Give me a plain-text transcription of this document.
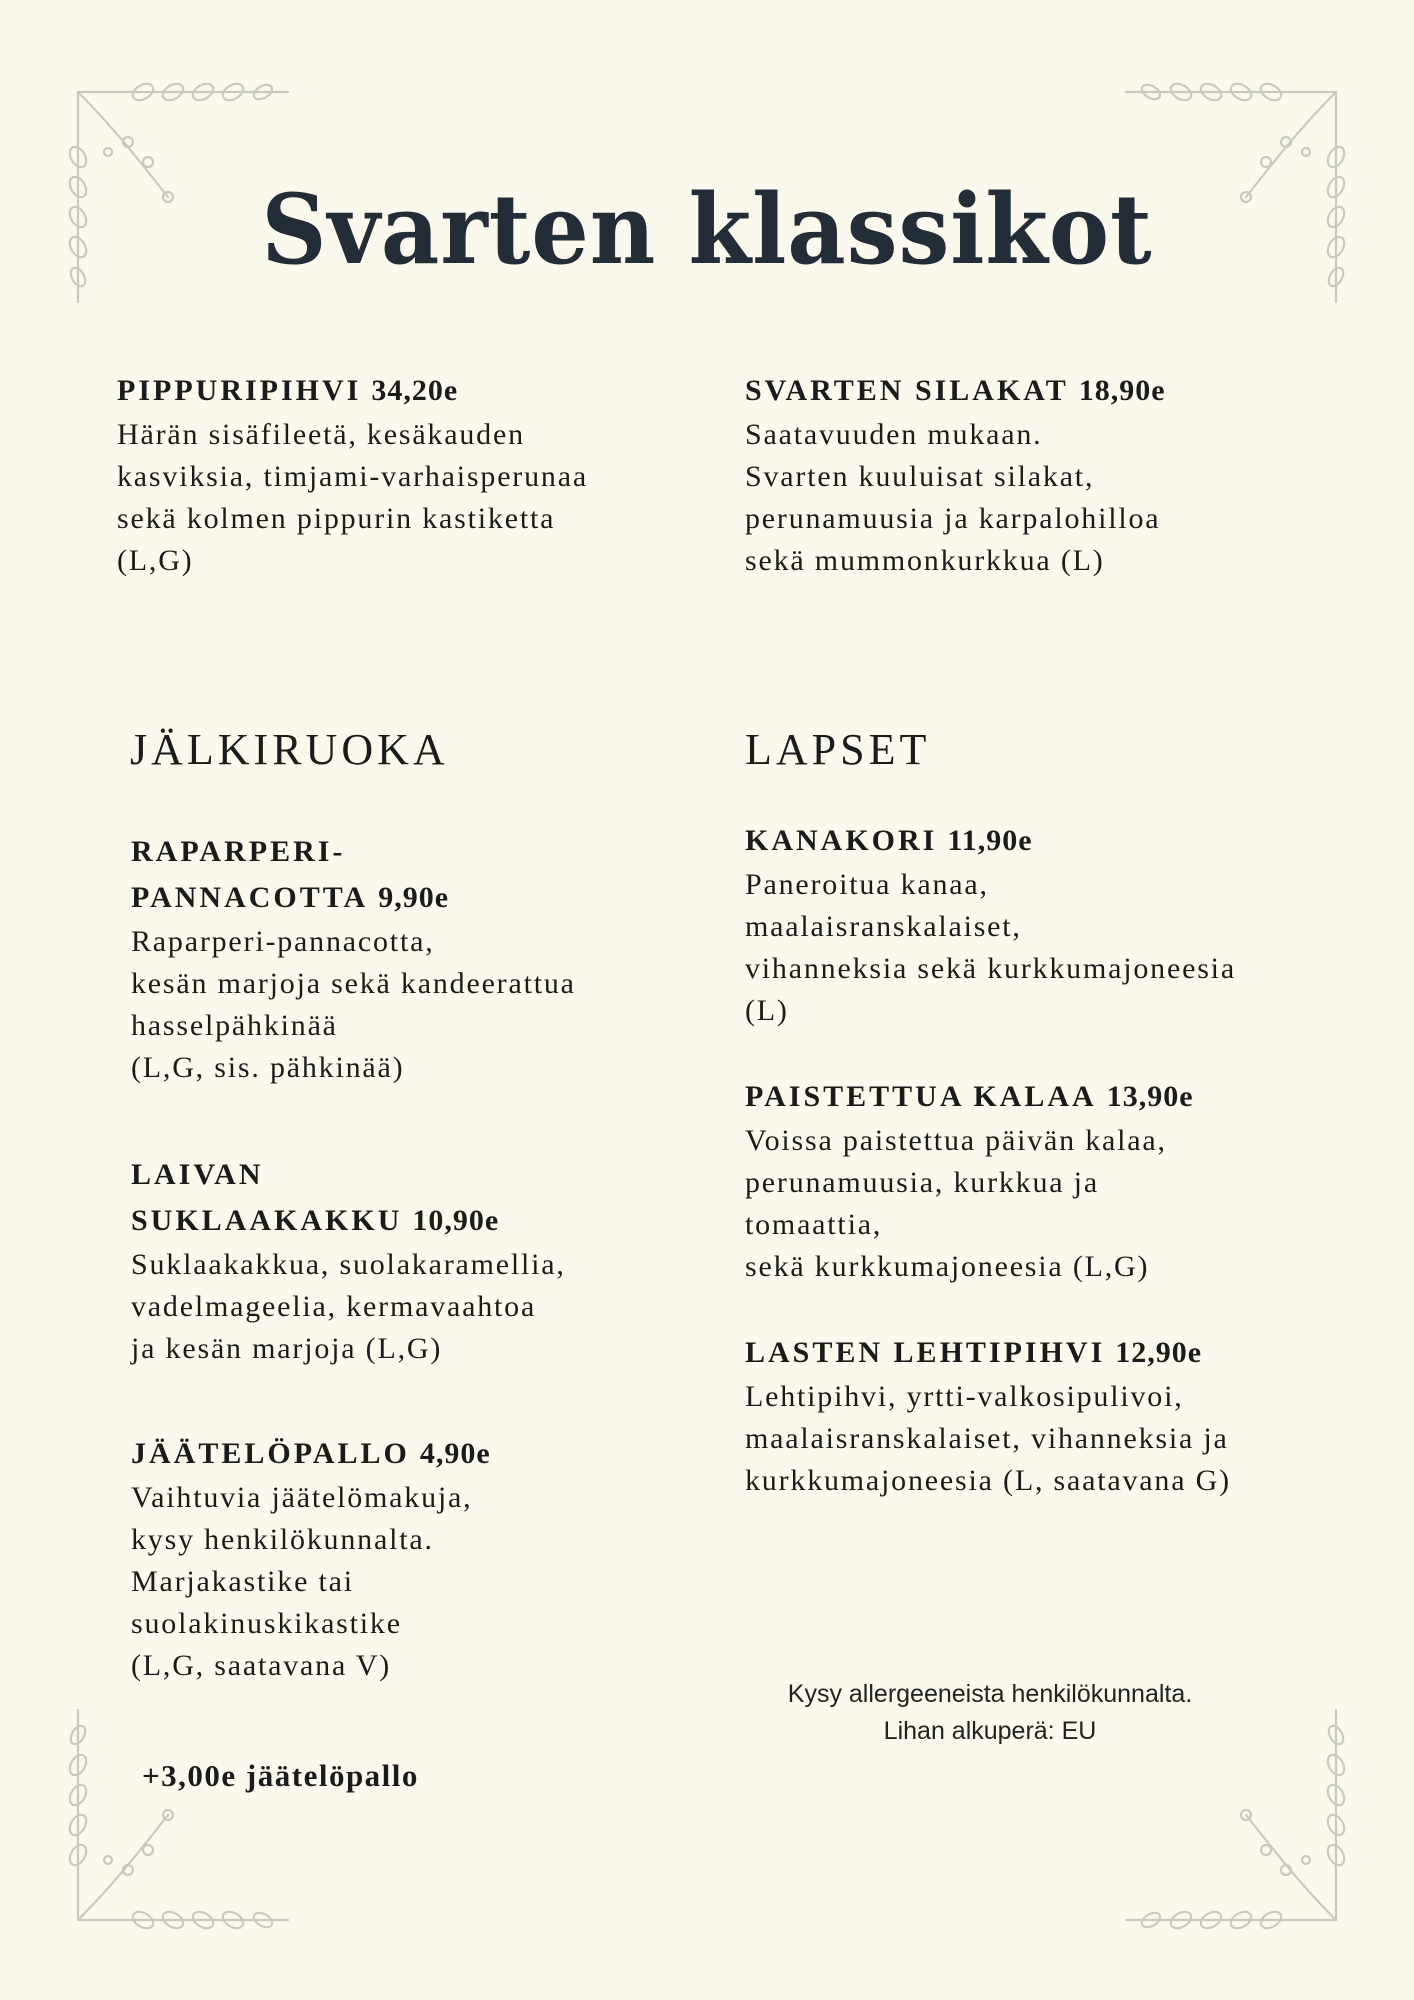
Svarten klassikot

PIPPURIPIHVI 34,20e

Härän sisäfileetä, kesäkauden
kasviksia, timjami-varhaisperunaa
sekä kolmen pippurin kastiketta
(L,G)

SVARTEN SILAKAT 18,90e

Saatavuuden mukaan.
Svarten kuuluisat silakat,
perunamuusia ja karpalohilloa
sekä mummonkurkkua (L)

JÄLKIRUOKA	LAPSET

RAPARPERI-
PANNACOTTA 9,90e

Raparperi-pannacotta,
kesän marjoja sekä kandeerattua
hasselpähkinää
(L,G, sis. pähkinää)

LAIVAN
SUKLAAKAKKU 10,90e

Suklaakakkua, suolakaramellia,
vadelmageelia, kermavaahtoa
ja kesän marjoja (L,G)

JÄÄTELÖPALLO 4,90e

Vaihtuvia jäätelömakuja,
kysy henkilökunnalta.
Marjakastike tai
suolakinuskikastike
(L,G, saatavana V)

+3,00e jäätelöpallo

KANAKORI 11,90e

Paneroitua kanaa,
maalaisranskalaiset,
vihanneksia sekä kurkkumajoneesia
(L)

PAISTETTUA KALAA 13,90e

Voissa paistettua päivän kalaa,
perunamuusia, kurkkua ja
tomaattia,
sekä kurkkumajoneesia (L,G)

LASTEN LEHTIPIHVI 12,90e

Lehtipihvi, yrtti-valkosipulivoi,
maalaisranskalaiset, vihanneksia ja
kurkkumajoneesia (L, saatavana G)

Kysy allergeeneista henkilökunnalta.
Lihan alkuperä: EU
